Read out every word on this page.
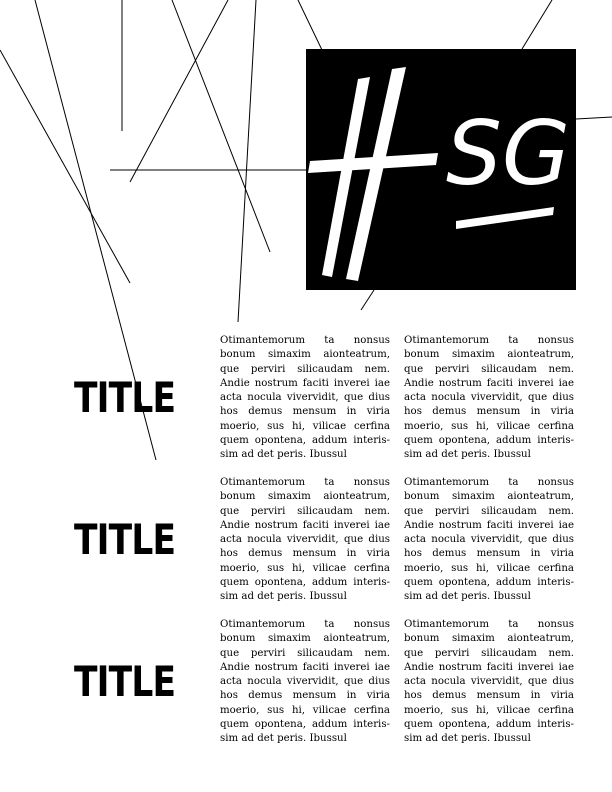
SG
TITLE
Otimantemorum ta nonsus bonum simaxim aionteatrum, que perviri silicaudam nem. Andie nostrum faciti inverei iae acta nocula vivervidit, que dius hos demus mensum in viria moerio, sus hi, vilicae cerfina quem opontena, addum interissim ad det peris. Ibussul
Otimantemorum ta nonsus bonum simaxim aionteatrum, que perviri silicaudam nem. Andie nostrum faciti inverei iae acta nocula vivervidit, que dius hos demus mensum in viria moerio, sus hi, vilicae cerfina quem opontena, addum interissim ad det peris. Ibussul
TITLE
Otimantemorum ta nonsus bonum simaxim aionteatrum, que perviri silicaudam nem. Andie nostrum faciti inverei iae acta nocula vivervidit, que dius hos demus mensum in viria moerio, sus hi, vilicae cerfina quem opontena, addum interissim ad det peris. Ibussul
Otimantemorum ta nonsus bonum simaxim aionteatrum, que perviri silicaudam nem. Andie nostrum faciti inverei iae acta nocula vivervidit, que dius hos demus mensum in viria moerio, sus hi, vilicae cerfina quem opontena, addum interissim ad det peris. Ibussul
TITLE
Otimantemorum ta nonsus bonum simaxim aionteatrum, que perviri silicaudam nem. Andie nostrum faciti inverei iae acta nocula vivervidit, que dius hos demus mensum in viria moerio, sus hi, vilicae cerfina quem opontena, addum interissim ad det peris. Ibussul
Otimantemorum ta nonsus bonum simaxim aionteatrum, que perviri silicaudam nem. Andie nostrum faciti inverei iae acta nocula vivervidit, que dius hos demus mensum in viria moerio, sus hi, vilicae cerfina quem opontena, addum interissim ad det peris. Ibussul
